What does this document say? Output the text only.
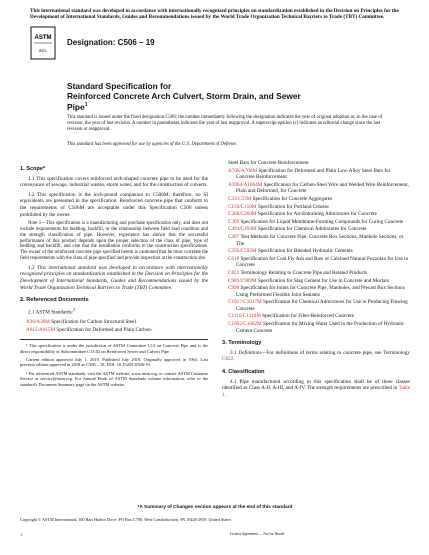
This international standard was developed in accordance with internationally recognized principles on standardization established in the Decision on Principles for the Development of International Standards, Guides and Recommendations issued by the World Trade Organization Technical Barriers to Trade (TBT) Committee.
ASTM
INTL
Designation: C506 – 19
Standard Specification for
Reinforced Concrete Arch Culvert, Storm Drain, and Sewer
Pipe$^1$
This standard is issued under the fixed designation C506; the number immediately following the designation indicates the year of original adoption or, in the case of revision, the year of last revision. A number in parentheses indicates the year of last reapproval. A superscript epsilon (ε) indicates an editorial change since the last revision or reapproval.
This standard has been approved for use by agencies of the U.S. Department of Defense.
1. Scope*

1.1 This specification covers reinforced arch-shaped concrete pipe to be used for the conveyance of sewage, industrial wastes, storm water, and for the construction of culverts.

1.2 This specification is the inch-pound companion to C506M; therefore, no SI equivalents are presented in the specification. Reinforced concrete pipe that conform to the requirements of C506M are acceptable under this Specification C506 unless prohibited by the owner.

Note 1—This specification is a manufacturing and purchase specification only, and does not include requirements for bedding, backfill, or the relationship between field load condition and the strength classification of pipe. However, experience has shown that the successful performance of this product depends upon the proper selection of the class of pipe, type of bedding and backfill, and care that the installation conforms to the construction specifications. The owner of the reinforced concrete pipe specified herein is cautioned that he must correlate the field requirements with the class of pipe specified and provide inspection at the construction site.

1.3 This international standard was developed in accordance with internationally recognized principles on standardization established in the Decision on Principles for the Development of International Standards, Guides and Recommendations issued by the World Trade Organization Technical Barriers to Trade (TBT) Committee.

2. Referenced Documents

2.1 ASTM Standards:$^2$

A36/A36M Specification for Carbon Structural Steel
A615/A615M Specification for Deformed and Plain Carbon-

¹ This specification is under the jurisdiction of ASTM Committee C13 on Concrete Pipe and is the direct responsibility of Subcommittee C13.02 on Reinforced Sewer and Culvert Pipe.

Current edition approved July 1, 2019. Published July 2019. Originally approved in 1963. Last previous edition approved in 2018 as C506 – 18. DOI: 10.1520/C0506-19.

² For referenced ASTM standards, visit the ASTM website, www.astm.org, or contact ASTM Customer Service at service@astm.org. For Annual Book of ASTM Standards volume information, refer to the standard's Document Summary page on the ASTM website.

Steel Bars for Concrete Reinforcement
A706/A706M Specification for Deformed and Plain Low-Alloy Steel Bars for Concrete Reinforcement
A1064/A1064M Specification for Carbon-Steel Wire and Welded Wire Reinforcement, Plain and Deformed, for Concrete
C33/C33M Specification for Concrete Aggregates
C150/C150M Specification for Portland Cement
C260/C260M Specification for Air-Entraining Admixtures for Concrete
C309 Specification for Liquid Membrane-Forming Compounds for Curing Concrete
C494/C494M Specification for Chemical Admixtures for Concrete
C497 Test Methods for Concrete Pipe, Concrete Box Sections, Manhole Sections, or Tile
C595/C595M Specification for Blended Hydraulic Cements
C618 Specification for Coal Fly Ash and Raw or Calcined Natural Pozzolan for Use in Concrete
C822 Terminology Relating to Concrete Pipe and Related Products
C989/C989M Specification for Slag Cement for Use in Concrete and Mortars
C990 Specification for Joints for Concrete Pipe, Manholes, and Precast Box Sections Using Preformed Flexible Joint Sealants
C1017/C1017M Specification for Chemical Admixtures for Use in Producing Flowing Concrete
C1116/C1116M Specification for Fiber-Reinforced Concrete
C1602/C1602M Specification for Mixing Water Used in the Production of Hydraulic Cement Concrete
3. Terminology

3.1 Definitions—For definitions of terms relating to concrete pipe, see Terminology C822.

4. Classification

4.1 Pipe manufactured according to this specification shall be of three classes identified as Class A-II, A-III, and A-IV. The strength requirements are prescribed in Table 1.

*A Summary of Changes section appears at the end of this standard
Copyright © ASTM International, 100 Barr Harbor Drive, PO Box C700, West Conshohocken, PA 19428-2959. United States
1	License Agreement — Not for Resale
